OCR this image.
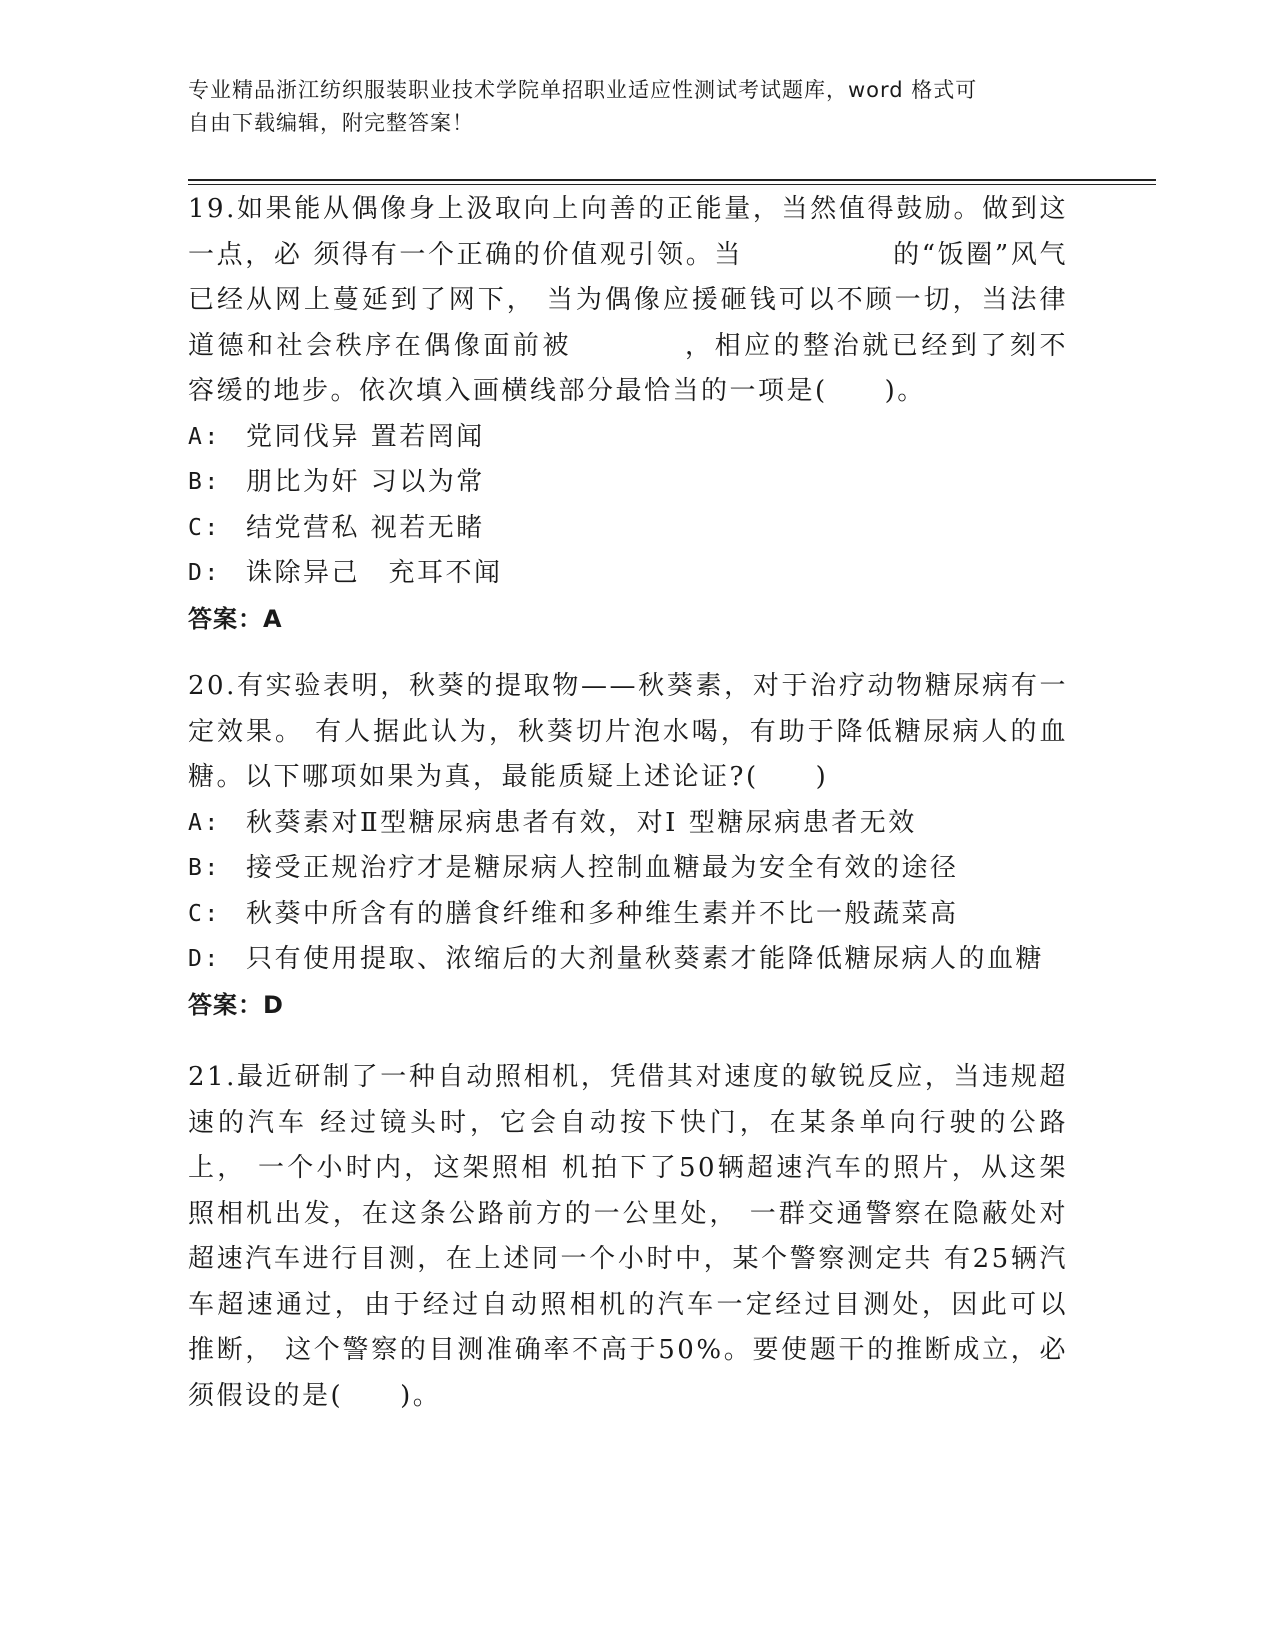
专业精品浙江纺织服装职业技术学院单招职业适应性测试考试题库，word 格式可
自由下载编辑，附完整答案！

19.如果能从偶像身上汲取向上向善的正能量，当然值得鼓励。做到这一点，必 须得有一个正确的价值观引领。当	的“饭圈”风气已经从网上蔓延到了网下， 当为偶像应援砸钱可以不顾一切，当法律道德和社会秩序在偶像面前被	，相应的整治就已经到了刻不容缓的地步。依次填入画横线部分最恰当的一项是(　　)。

A: 党同伐异 置若罔闻
B: 朋比为奸 习以为常
C: 结党营私 视若无睹
D: 诛除异己　充耳不闻
答案：A

20.有实验表明，秋葵的提取物——秋葵素，对于治疗动物糖尿病有一定效果。 有人据此认为，秋葵切片泡水喝，有助于降低糖尿病人的血糖。以下哪项如果为真，最能质疑上述论证?(　　)

A: 秋葵素对Ⅱ型糖尿病患者有效，对Ⅰ 型糖尿病患者无效
B: 接受正规治疗才是糖尿病人控制血糖最为安全有效的途径
C: 秋葵中所含有的膳食纤维和多种维生素并不比一般蔬菜高
D: 只有使用提取、浓缩后的大剂量秋葵素才能降低糖尿病人的血糖
答案：D

21.最近研制了一种自动照相机，凭借其对速度的敏锐反应，当违规超速的汽车 经过镜头时，它会自动按下快门，在某条单向行驶的公路上， 一个小时内，这架照相 机拍下了50辆超速汽车的照片，从这架照相机出发，在这条公路前方的一公里处， 一群交通警察在隐蔽处对超速汽车进行目测，在上述同一个小时中，某个警察测定共 有25辆汽车超速通过，由于经过自动照相机的汽车一定经过目测处，因此可以推断， 这个警察的目测准确率不高于50%。要使题干的推断成立，必须假设的是(　　)。
